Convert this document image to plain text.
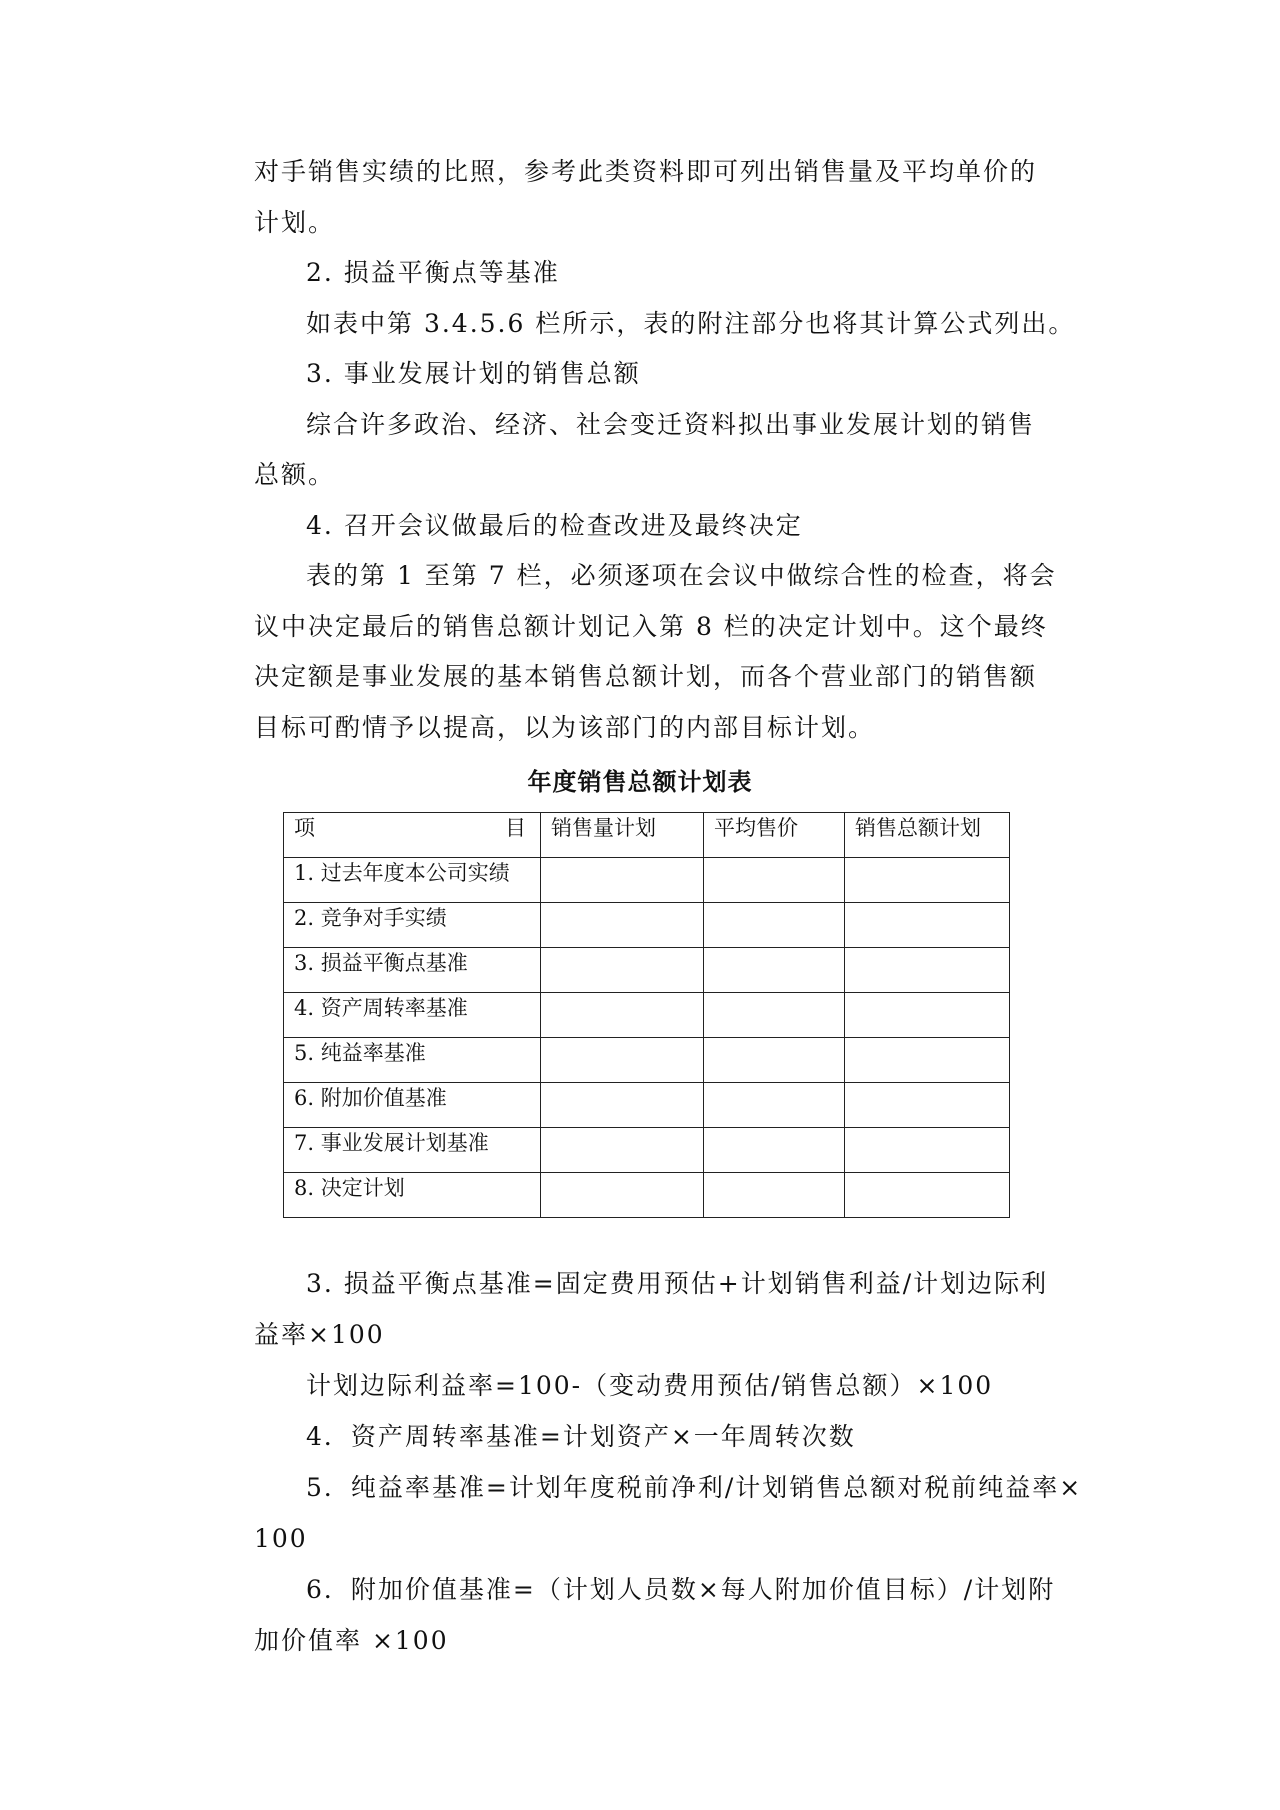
对手销售实绩的比照，参考此类资料即可列出销售量及平均单价的
计划。
2. 损益平衡点等基准
如表中第 3.4.5.6 栏所示，表的附注部分也将其计算公式列出。
3. 事业发展计划的销售总额
综合许多政治、经济、社会变迁资料拟出事业发展计划的销售
总额。
4. 召开会议做最后的检查改进及最终决定
表的第 1 至第 7 栏，必须逐项在会议中做综合性的检查，将会
议中决定最后的销售总额计划记入第 8 栏的决定计划中。这个最终
决定额是事业发展的基本销售总额计划，而各个营业部门的销售额
目标可酌情予以提高，以为该部门的内部目标计划。
年度销售总额计划表
项 目	销售量计划	平均售价	销售总额计划
1. 过去年度本公司实绩			
2. 竞争对手实绩			
3. 损益平衡点基准			
4. 资产周转率基准			
5. 纯益率基准			
6. 附加价值基准			
7. 事业发展计划基准			
8. 决定计划			
3. 损益平衡点基准=固定费用预估+计划销售利益/计划边际利
益率×100
计划边际利益率=100-（变动费用预估/销售总额）×100
4．资产周转率基准=计划资产×一年周转次数
5．纯益率基准=计划年度税前净利/计划销售总额对税前纯益率×
100
6．附加价值基准=（计划人员数×每人附加价值目标）/计划附
加价值率 ×100
